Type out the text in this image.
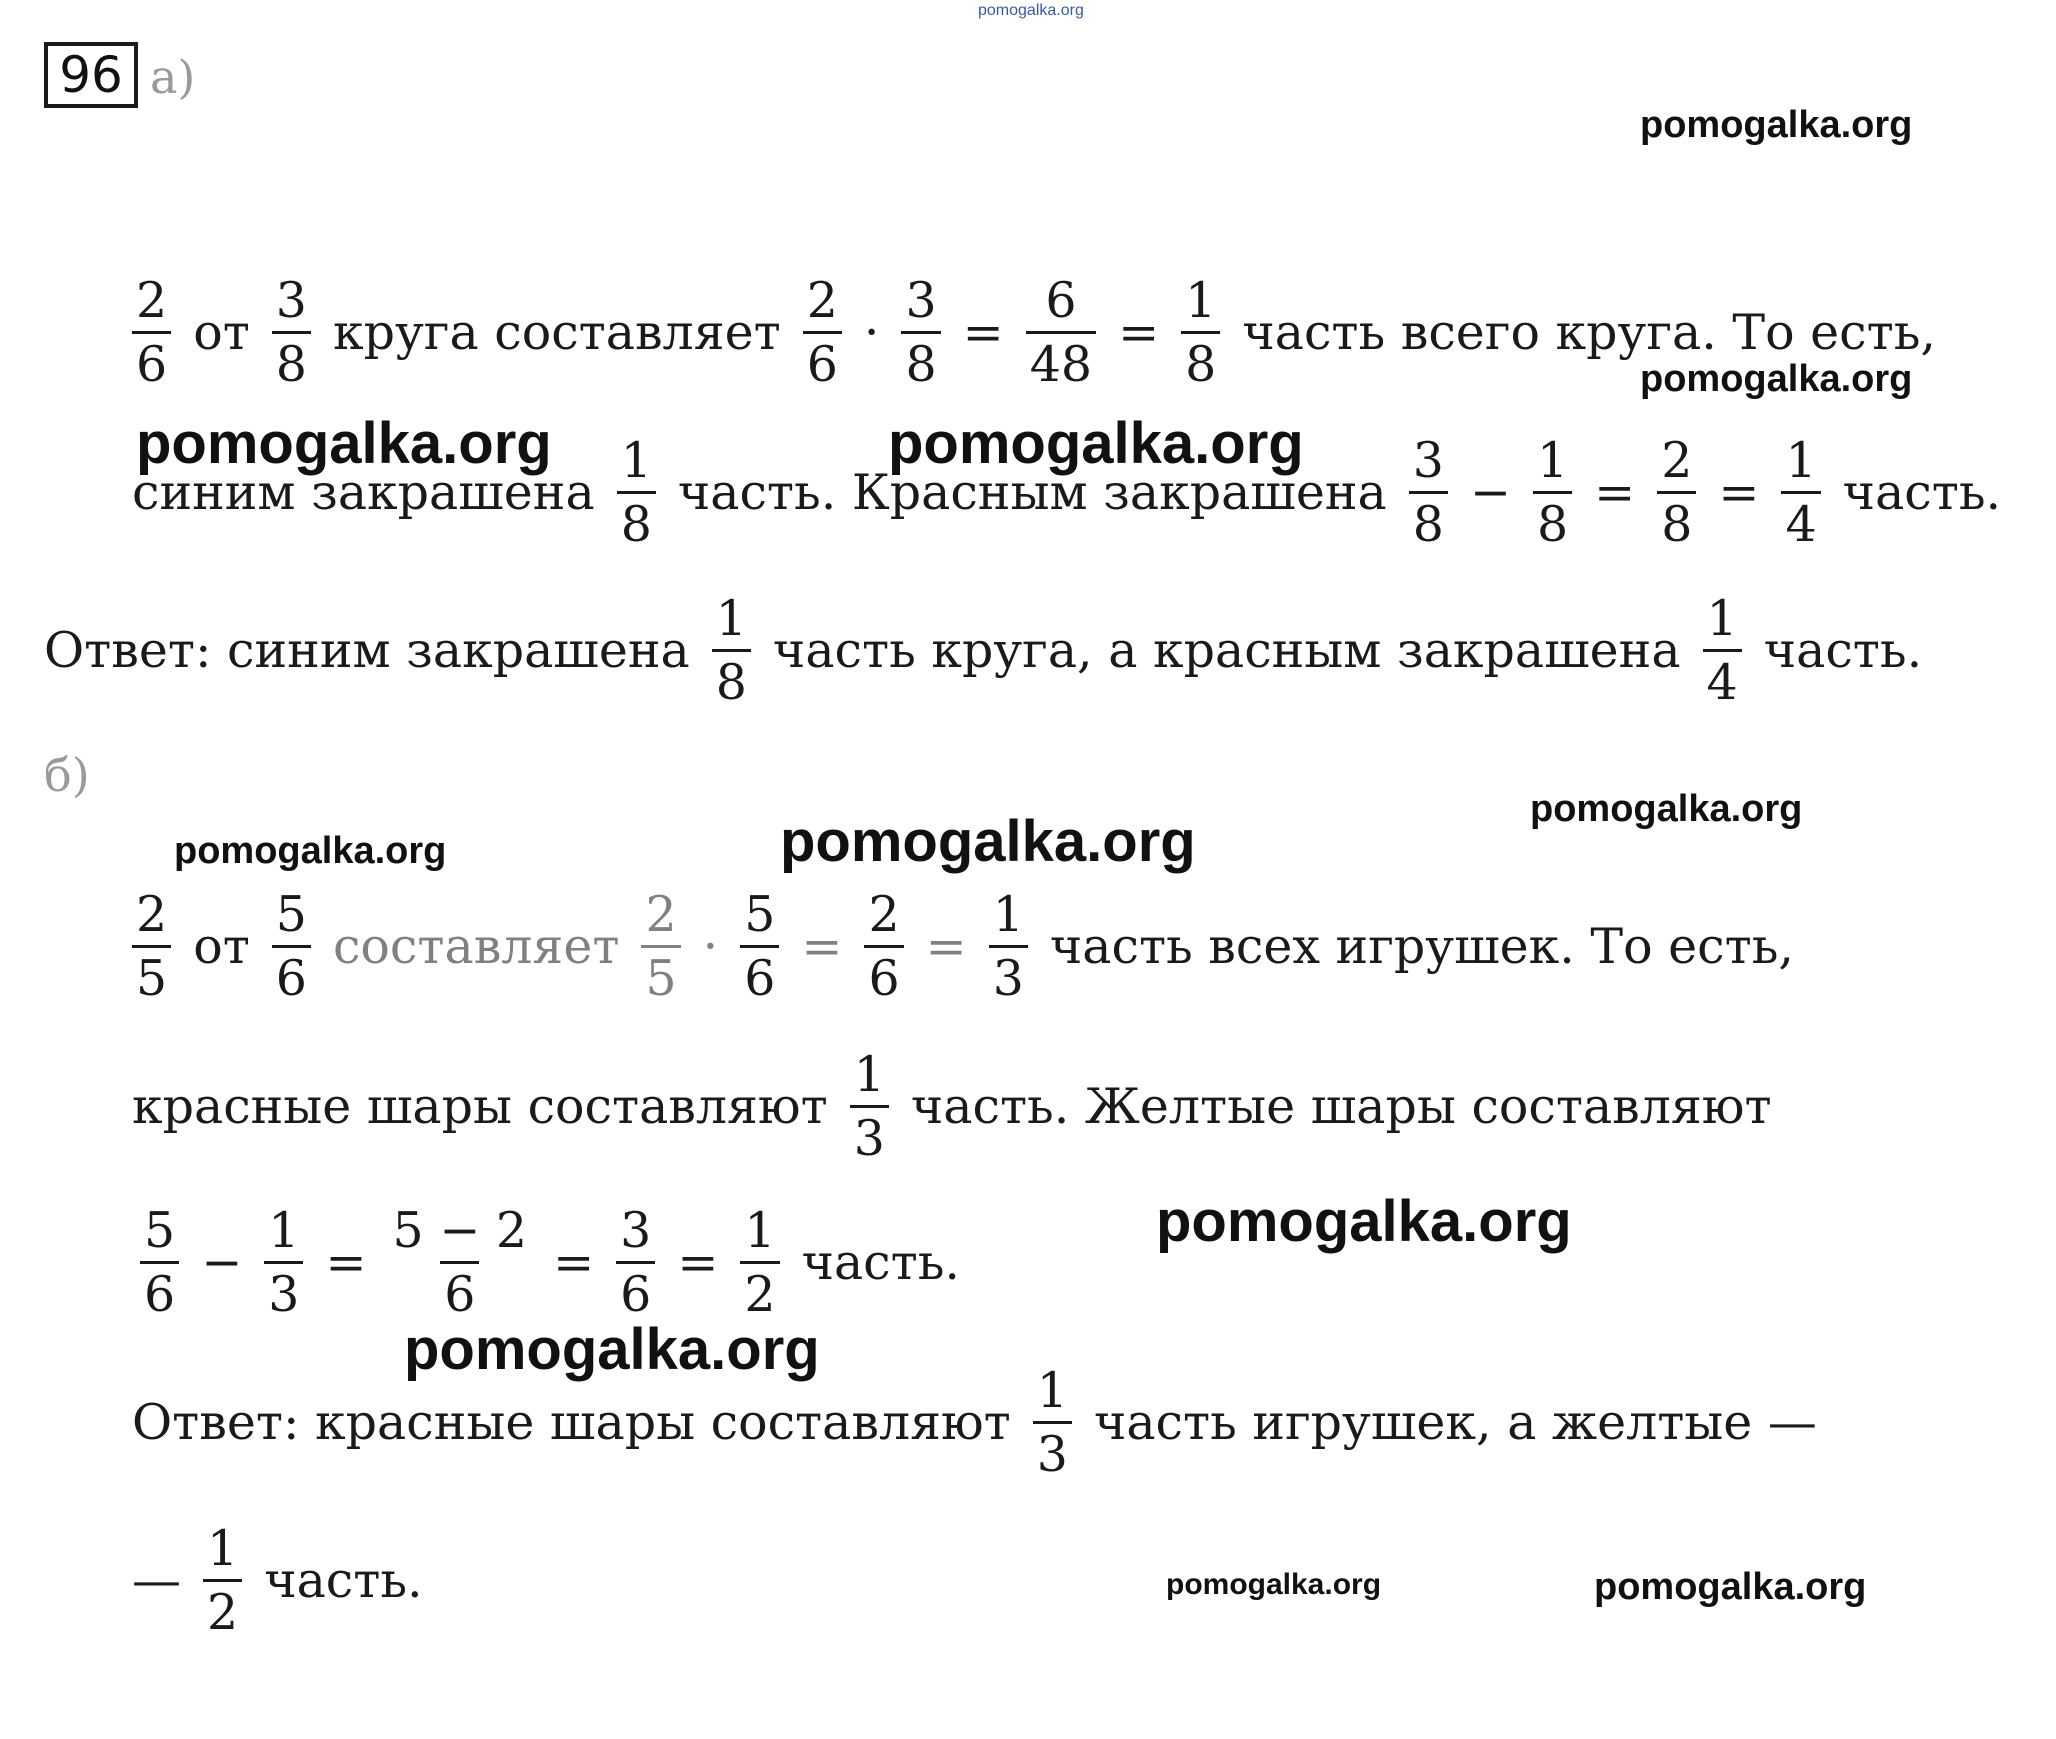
96 а)
б)
$\frac{2}{6}$ от $\frac{3}{8}$ круга составляет $\frac{2}{6} \cdot \frac{3}{8} = \frac{6}{48} = \frac{1}{8}$ часть всего круга. То есть,
синим закрашена $\frac{1}{8}$ часть. Красным закрашена $\frac{3}{8} - \frac{1}{8} = \frac{2}{8} = \frac{1}{4}$ часть.
Ответ: синим закрашена $\frac{1}{8}$ часть круга, а красным закрашена $\frac{1}{4}$ часть.
$\frac{2}{5}$ от $\frac{5}{6}$ составляет $\frac{2}{5} \cdot \frac{5}{6} = \frac{2}{6} = \frac{1}{3}$ часть всех игрушек. То есть,
красные шары составляют $\frac{1}{3}$ часть. Желтые шары составляют
$\frac{5}{6} - \frac{1}{3} = \frac{5 - 2}{6} = \frac{3}{6} = \frac{1}{2}$ часть.
Ответ: красные шары составляют $\frac{1}{3}$ часть игрушек, а желтые —
— $\frac{1}{2}$ часть.
pomogalka.org
pomogalka.org
pomogalka.org
pomogalka.org	pomogalka.org
pomogalka.org
pomogalka.org	pomogalka.org
pomogalka.org
pomogalka.org
pomogalka.org	pomogalka.org
